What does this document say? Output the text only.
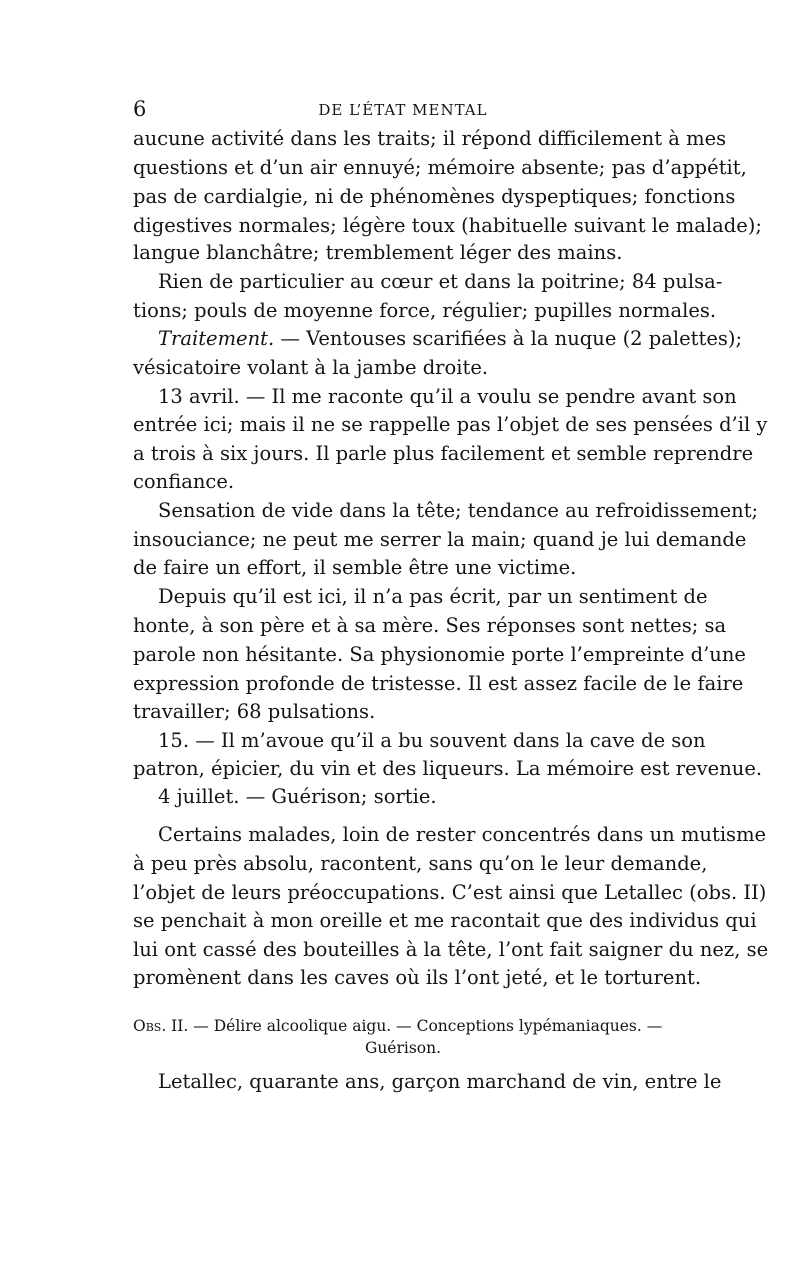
6	DE L’ÉTAT MENTAL
aucune activité dans les traits; il répond difficilement à mes
questions et d’un air ennuyé; mémoire absente; pas d’appétit,
pas de cardialgie, ni de phénomènes dyspeptiques; fonctions
digestives normales; légère toux (habituelle suivant le malade);
langue blanchâtre; tremblement léger des mains.
Rien de particulier au cœur et dans la poitrine; 84 pulsa-
tions; pouls de moyenne force, régulier; pupilles normales.
Traitement. — Ventouses scarifiées à la nuque (2 palettes);
vésicatoire volant à la jambe droite.
13 avril. — Il me raconte qu’il a voulu se pendre avant son
entrée ici; mais il ne se rappelle pas l’objet de ses pensées d’il y
a trois à six jours. Il parle plus facilement et semble reprendre
confiance.
Sensation de vide dans la tête; tendance au refroidissement;
insouciance; ne peut me serrer la main; quand je lui demande
de faire un effort, il semble être une victime.
Depuis qu’il est ici, il n’a pas écrit, par un sentiment de
honte, à son père et à sa mère. Ses réponses sont nettes; sa
parole non hésitante. Sa physionomie porte l’empreinte d’une
expression profonde de tristesse. Il est assez facile de le faire
travailler; 68 pulsations.
15. — Il m’avoue qu’il a bu souvent dans la cave de son
patron, épicier, du vin et des liqueurs. La mémoire est revenue.
4 juillet. — Guérison; sortie.
Certains malades, loin de rester concentrés dans un mutisme
à peu près absolu, racontent, sans qu’on le leur demande,
l’objet de leurs préoccupations. C’est ainsi que Letallec (obs. II)
se penchait à mon oreille et me racontait que des individus qui
lui ont cassé des bouteilles à la tête, l’ont fait saigner du nez, se
promènent dans les caves où ils l’ont jeté, et le torturent.
Obs. II. — Délire alcoolique aigu. — Conceptions lypémaniaques. —
Guérison.
Letallec, quarante ans, garçon marchand de vin, entre le
